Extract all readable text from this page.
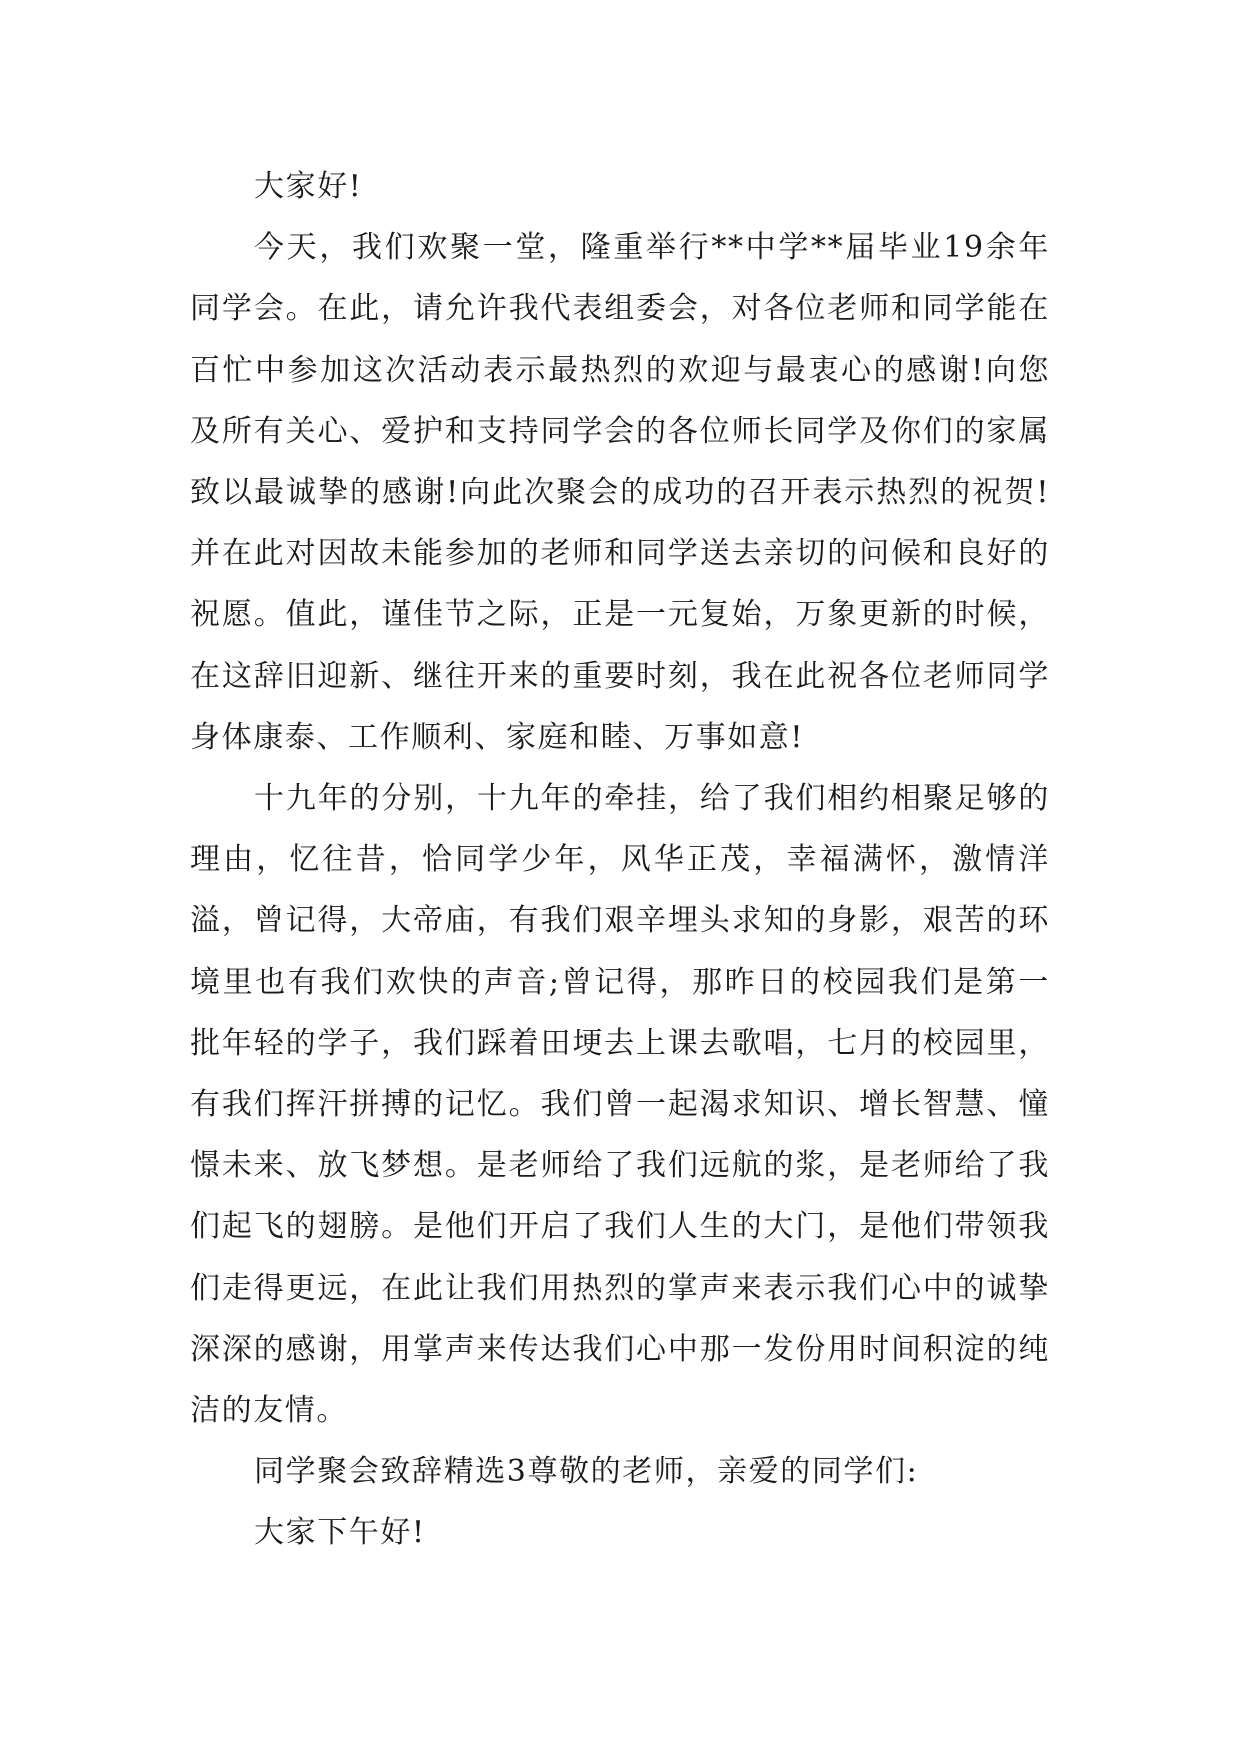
大家好!

今天，我们欢聚一堂，隆重举行**中学**届毕业19余年同学会。在此，请允许我代表组委会，对各位老师和同学能在百忙中参加这次活动表示最热烈的欢迎与最衷心的感谢!向您及所有关心、爱护和支持同学会的各位师长同学及你们的家属致以最诚挚的感谢!向此次聚会的成功的召开表示热烈的祝贺!并在此对因故未能参加的老师和同学送去亲切的问候和良好的祝愿。值此，谨佳节之际，正是一元复始，万象更新的时候，在这辞旧迎新、继往开来的重要时刻，我在此祝各位老师同学身体康泰、工作顺利、家庭和睦、万事如意!

十九年的分别，十九年的牵挂，给了我们相约相聚足够的理由，忆往昔，恰同学少年，风华正茂，幸福满怀，激情洋溢，曾记得，大帝庙，有我们艰辛埋头求知的身影，艰苦的环境里也有我们欢快的声音;曾记得，那昨日的校园我们是第一批年轻的学子，我们踩着田埂去上课去歌唱，七月的校园里，有我们挥汗拼搏的记忆。我们曾一起渴求知识、增长智慧、憧憬未来、放飞梦想。是老师给了我们远航的浆，是老师给了我们起飞的翅膀。是他们开启了我们人生的大门，是他们带领我们走得更远，在此让我们用热烈的掌声来表示我们心中的诚挚深深的感谢，用掌声来传达我们心中那一发份用时间积淀的纯洁的友情。

同学聚会致辞精选3尊敬的老师，亲爱的同学们:

大家下午好!
